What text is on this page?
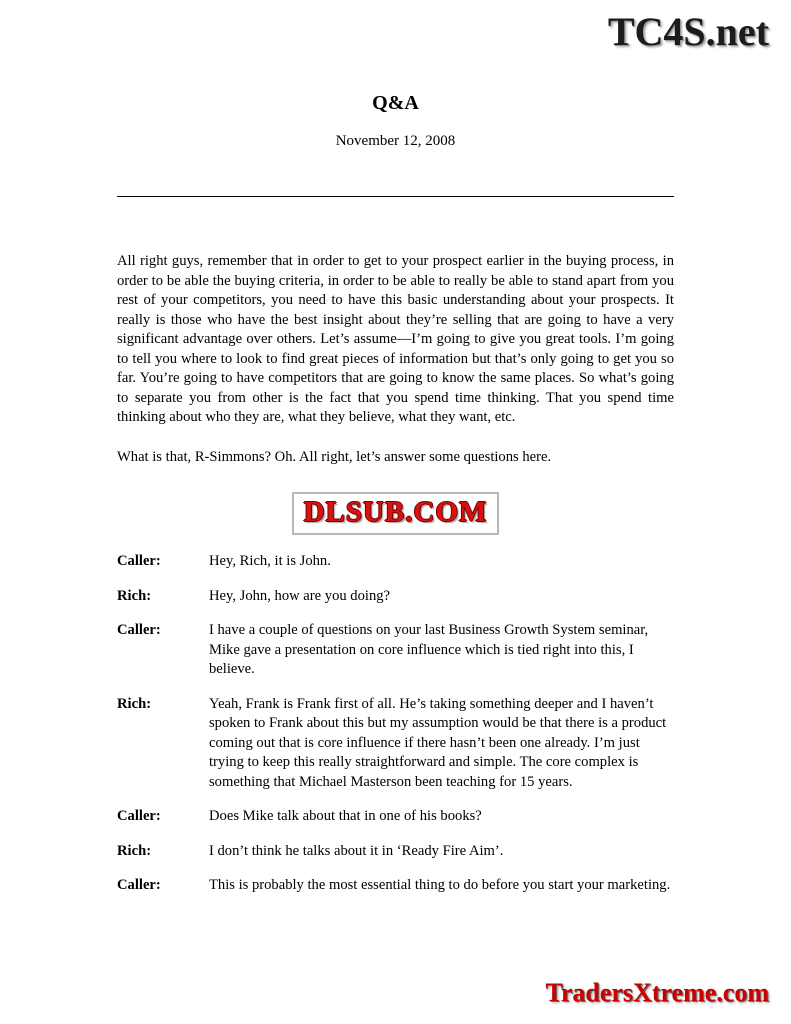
TC4S.net
Q&A
November 12, 2008
All right guys, remember that in order to get to your prospect earlier in the buying process, in order to be able the buying criteria, in order to be able to really be able to stand apart from you rest of your competitors, you need to have this basic understanding about your prospects. It really is those who have the best insight about they’re selling that are going to have a very significant advantage over others. Let’s assume—I’m going to give you great tools. I’m going to tell you where to look to find great pieces of information but that’s only going to get you so far. You’re going to have competitors that are going to know the same places. So what’s going to separate you from other is the fact that you spend time thinking. That you spend time thinking about who they are, what they believe, what they want, etc.
What is that, R-Simmons? Oh. All right, let’s answer some questions here.
DLSUB.COM
Caller:	Hey, Rich, it is John.
Rich:	Hey, John, how are you doing?
Caller:	I have a couple of questions on your last Business Growth System seminar, Mike gave a presentation on core influence which is tied right into this, I believe.
Rich:	Yeah, Frank is Frank first of all. He’s taking something deeper and I haven’t spoken to Frank about this but my assumption would be that there is a product coming out that is core influence if there hasn’t been one already. I’m just trying to keep this really straightforward and simple. The core complex is something that Michael Masterson been teaching for 15 years.
Caller:	Does Mike talk about that in one of his books?
Rich:	I don’t think he talks about it in ‘Ready Fire Aim’.
Caller:	This is probably the most essential thing to do before you start your marketing.
TradersXtreme.com
